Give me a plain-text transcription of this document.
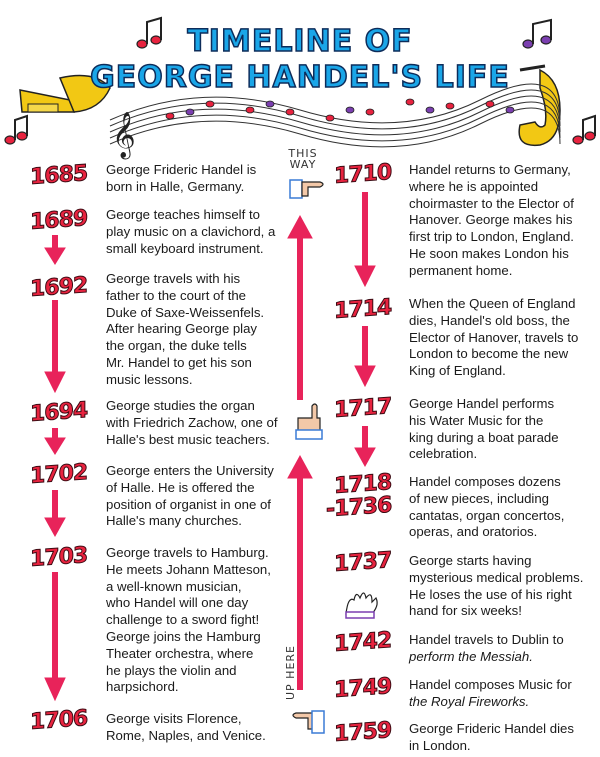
𝄞
TIMELINE OF
GEORGE HANDEL'S LIFE
1685 George Frideric Handel is
born in Halle, Germany.
1689 George teaches himself to
play music on a clavichord, a
small keyboard instrument.
1692 George travels with his
father to the court of the
Duke of Saxe-Weissenfels.
After hearing George play
the organ, the duke tells
Mr. Handel to get his son
music lessons.
1694 George studies the organ
with Friedrich Zachow, one of
Halle's best music teachers.
1702 George enters the University
of Halle. He is offered the
position of organist in one of
Halle's many churches.
1703 George travels to Hamburg.
He meets Johann Matteson,
a well-known musician,
who Handel will one day
challenge to a sword fight!
George joins the Hamburg
Theater orchestra, where
he plays the violin and
harpsichord.
1706 George visits Florence,
Rome, Naples, and Venice.
THIS
WAY
UP HERE
1710 Handel returns to Germany,
where he is appointed
choirmaster to the Elector of
Hanover. George makes his
first trip to London, England.
He soon makes London his
permanent home.
1714 When the Queen of England
dies, Handel's old boss, the
Elector of Hanover, travels to
London to become the new
King of England.
1717 George Handel performs
his Water Music for the
king during a boat parade
celebration.
1718
-1736
Handel composes dozens
of new pieces, including
cantatas, organ concertos,
operas, and oratorios.
1737 George starts having
mysterious medical problems.
He loses the use of his right
hand for six weeks!
1742 Handel travels to Dublin to
perform the Messiah.
1749 Handel composes Music for
the Royal Fireworks.
1759 George Frideric Handel dies
in London.
